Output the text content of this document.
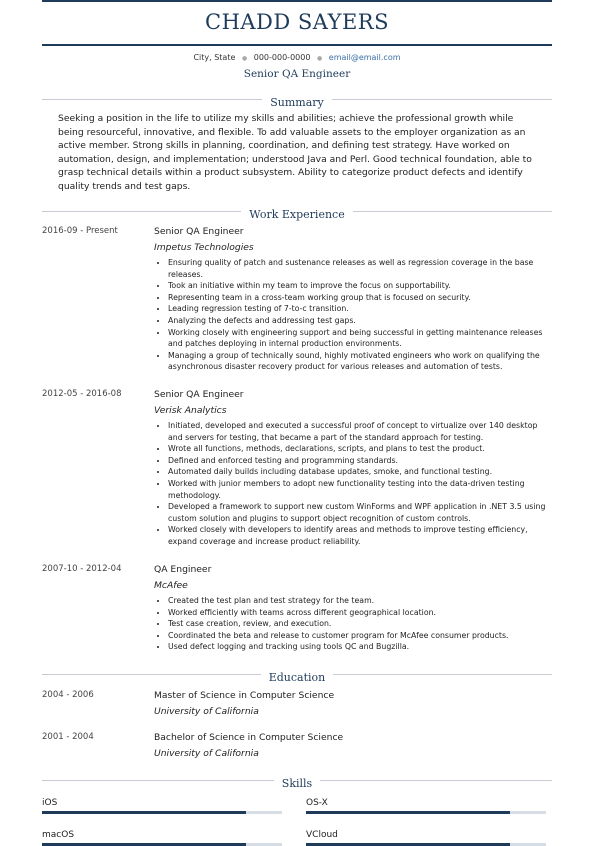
CHADD SAYERS
City, State ● 000-000-0000 ● email@email.com
Senior QA Engineer
Summary
Seeking a position in the life to utilize my skills and abilities; achieve the professional growth while being resourceful, innovative, and flexible. To add valuable assets to the employer organization as an active member. Strong skills in planning, coordination, and defining test strategy. Have worked on automation, design, and implementation; understood Java and Perl. Good technical foundation, able to grasp technical details within a product subsystem. Ability to categorize product defects and identify quality trends and test gaps.
Work Experience
2016-09 - Present	Senior QA Engineer
Impetus Technologies
• Ensuring quality of patch and sustenance releases as well as regression coverage in the base releases.
• Took an initiative within my team to improve the focus on supportability.
• Representing team in a cross-team working group that is focused on security.
• Leading regression testing of 7-to-c transition.
• Analyzing the defects and addressing test gaps.
• Working closely with engineering support and being successful in getting maintenance releases and patches deploying in internal production environments.
• Managing a group of technically sound, highly motivated engineers who work on qualifying the asynchronous disaster recovery product for various releases and automation of tests.
2012-05 - 2016-08	Senior QA Engineer
Verisk Analytics
• Initiated, developed and executed a successful proof of concept to virtualize over 140 desktop and servers for testing, that became a part of the standard approach for testing.
• Wrote all functions, methods, declarations, scripts, and plans to test the product.
• Defined and enforced testing and programming standards.
• Automated daily builds including database updates, smoke, and functional testing.
• Worked with junior members to adopt new functionality testing into the data-driven testing methodology.
• Developed a framework to support new custom WinForms and WPF application in .NET 3.5 using custom solution and plugins to support object recognition of custom controls.
• Worked closely with developers to identify areas and methods to improve testing efficiency, expand coverage and increase product reliability.
2007-10 - 2012-04	QA Engineer
McAfee
• Created the test plan and test strategy for the team.
• Worked efficiently with teams across different geographical location.
• Test case creation, review, and execution.
• Coordinated the beta and release to customer program for McAfee consumer products.
• Used defect logging and tracking using tools QC and Bugzilla.
Education
2004 - 2006	Master of Science in Computer Science
University of California
2001 - 2004	Bachelor of Science in Computer Science
University of California
Skills
iOS	OS-X
macOS	VCloud
